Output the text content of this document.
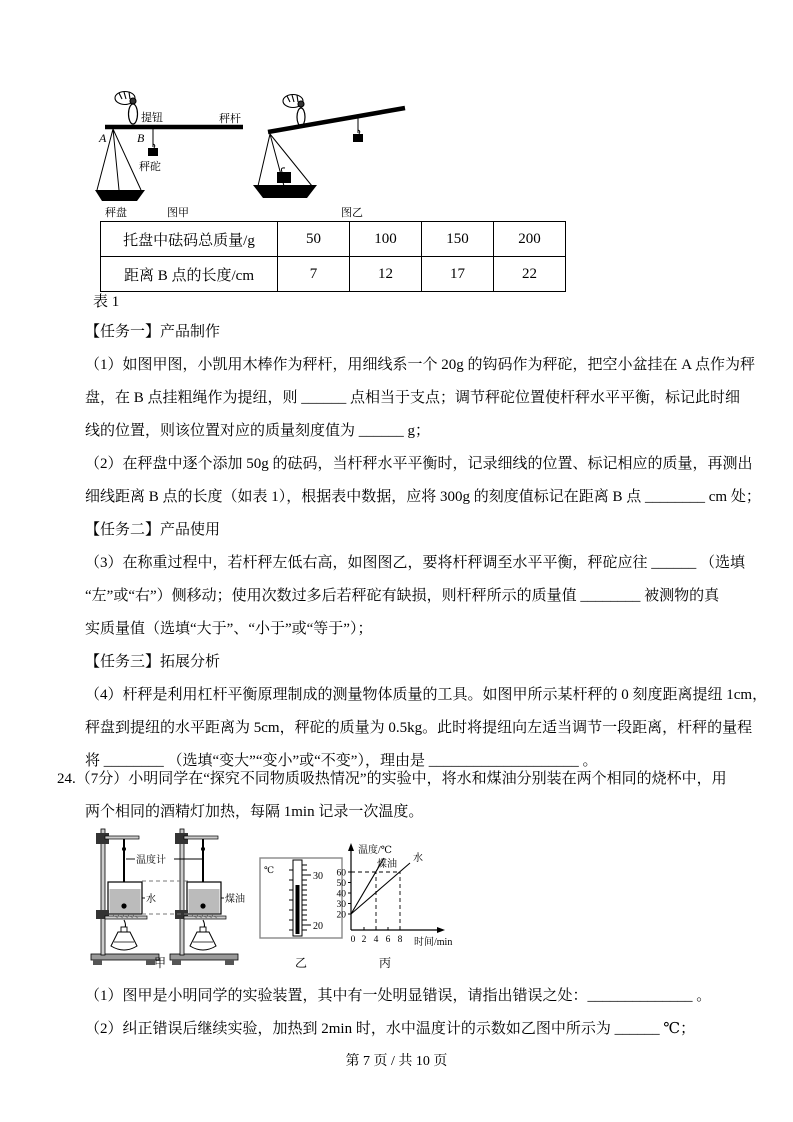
提钮	秤杆
A	B
秤砣
秤盘	图甲	图乙
托盘中砝码总质量/g	50	100	150	200
距离 B 点的长度/cm	7	12	17	22
表 1
【任务一】产品制作
（1）如图甲图，小凯用木棒作为秤杆，用细线系一个 20g 的钩码作为秤砣，把空小盆挂在 A 点作为秤
盘，在 B 点挂粗绳作为提纽，则 ______ 点相当于支点；调节秤砣位置使杆秤水平平衡，标记此时细
线的位置，则该位置对应的质量刻度值为 ______ g；
（2）在秤盘中逐个添加 50g 的砝码，当杆秤水平平衡时，记录细线的位置、标记相应的质量，再测出
细线距离 B 点的长度（如表 1），根据表中数据，应将 300g 的刻度值标记在距离 B 点 ________ cm 处；
【任务二】产品使用
（3）在称重过程中，若杆秤左低右高，如图图乙，要将杆秤调至水平平衡，秤砣应往 ______ （选填
“左”或“右”）侧移动；使用次数过多后若秤砣有缺损，则杆秤所示的质量值 ________ 被测物的真
实质量值（选填“大于”、“小于”或“等于”）；
【任务三】拓展分析
（4）杆秤是利用杠杆平衡原理制成的测量物体质量的工具。如图甲所示某杆秤的 0 刻度距离提纽 1cm，
秤盘到提纽的水平距离为 5cm，秤砣的质量为 0.5kg。此时将提纽向左适当调节一段距离，杆秤的量程
将 ________ （选填“变大”“变小”或“不变”），理由是 ____________________ 。
24.（7分）小明同学在“探究不同物质吸热情况”的实验中，将水和煤油分别装在两个相同的烧杯中，用
两个相同的酒精灯加热，每隔 1min 记录一次温度。
温度计
水	煤油
甲
℃
30
20
乙
温度/℃
时间/min
20
30
40
50
60
0 2 4 6 8
煤油
水
丙
（1）图甲是小明同学的实验装置，其中有一处明显错误，请指出错误之处：______________ 。
（2）纠正错误后继续实验，加热到 2min 时，水中温度计的示数如乙图中所示为 ______ ℃；
第 7 页 / 共 10 页
